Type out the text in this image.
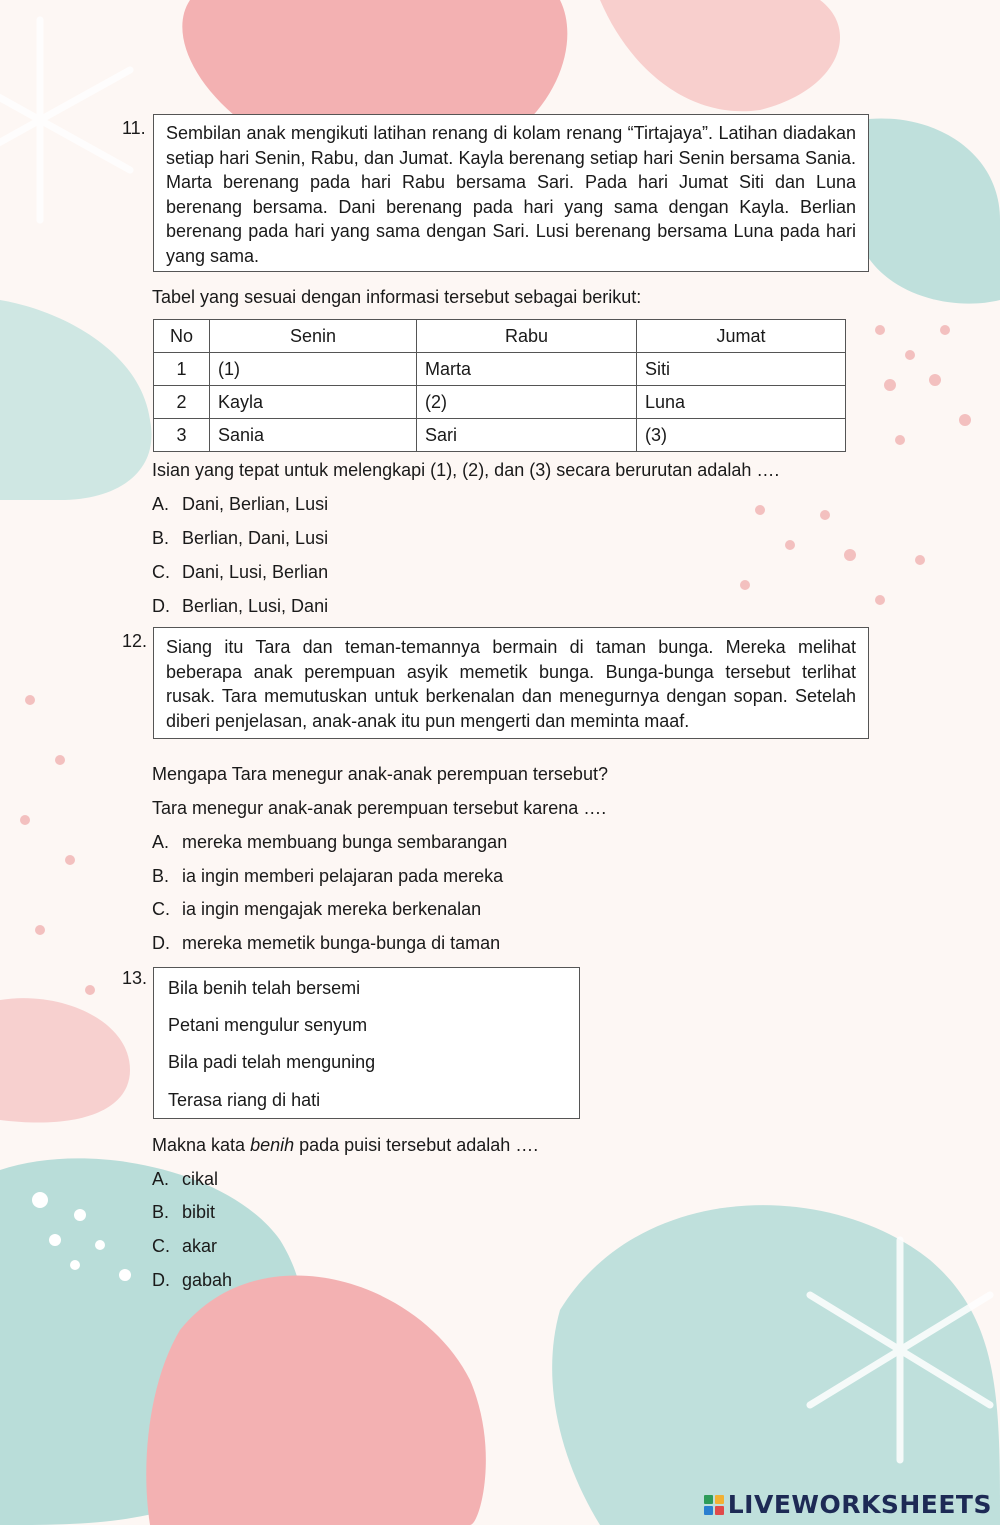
11. Sembilan anak mengikuti latihan renang di kolam renang “Tirtajaya”. Latihan diadakan setiap hari Senin, Rabu, dan Jumat. Kayla berenang setiap hari Senin bersama Sania. Marta berenang pada hari Rabu bersama Sari. Pada hari Jumat Siti dan Luna berenang bersama. Dani berenang pada hari yang sama dengan Kayla. Berlian berenang pada hari yang sama dengan Sari. Lusi berenang bersama Luna pada hari yang sama.

Tabel yang sesuai dengan informasi tersebut sebagai berikut:
No	Senin	Rabu	Jumat
1	(1)	Marta	Siti
2	Kayla	(2)	Luna
3	Sania	Sari	(3)
Isian yang tepat untuk melengkapi (1), (2), dan (3) secara berurutan adalah ….
A. Dani, Berlian, Lusi
B. Berlian, Dani, Lusi
C. Dani, Lusi, Berlian
D. Berlian, Lusi, Dani
12. Siang itu Tara dan teman-temannya bermain di taman bunga. Mereka melihat beberapa anak perempuan asyik memetik bunga. Bunga-bunga tersebut terlihat rusak. Tara memutuskan untuk berkenalan dan menegurnya dengan sopan. Setelah diberi penjelasan, anak-anak itu pun mengerti dan meminta maaf.

Mengapa Tara menegur anak-anak perempuan tersebut?
Tara menegur anak-anak perempuan tersebut karena ….
A. mereka membuang bunga sembarangan
B. ia ingin memberi pelajaran pada mereka
C. ia ingin mengajak mereka berkenalan
D. mereka memetik bunga-bunga di taman
13. Bila benih telah bersemi
Petani mengulur senyum
Bila padi telah menguning
Terasa riang di hati
Makna kata benih pada puisi tersebut adalah ….
A. cikal
B. bibit
C. akar
D. gabah
LIVEWORKSHEETS
